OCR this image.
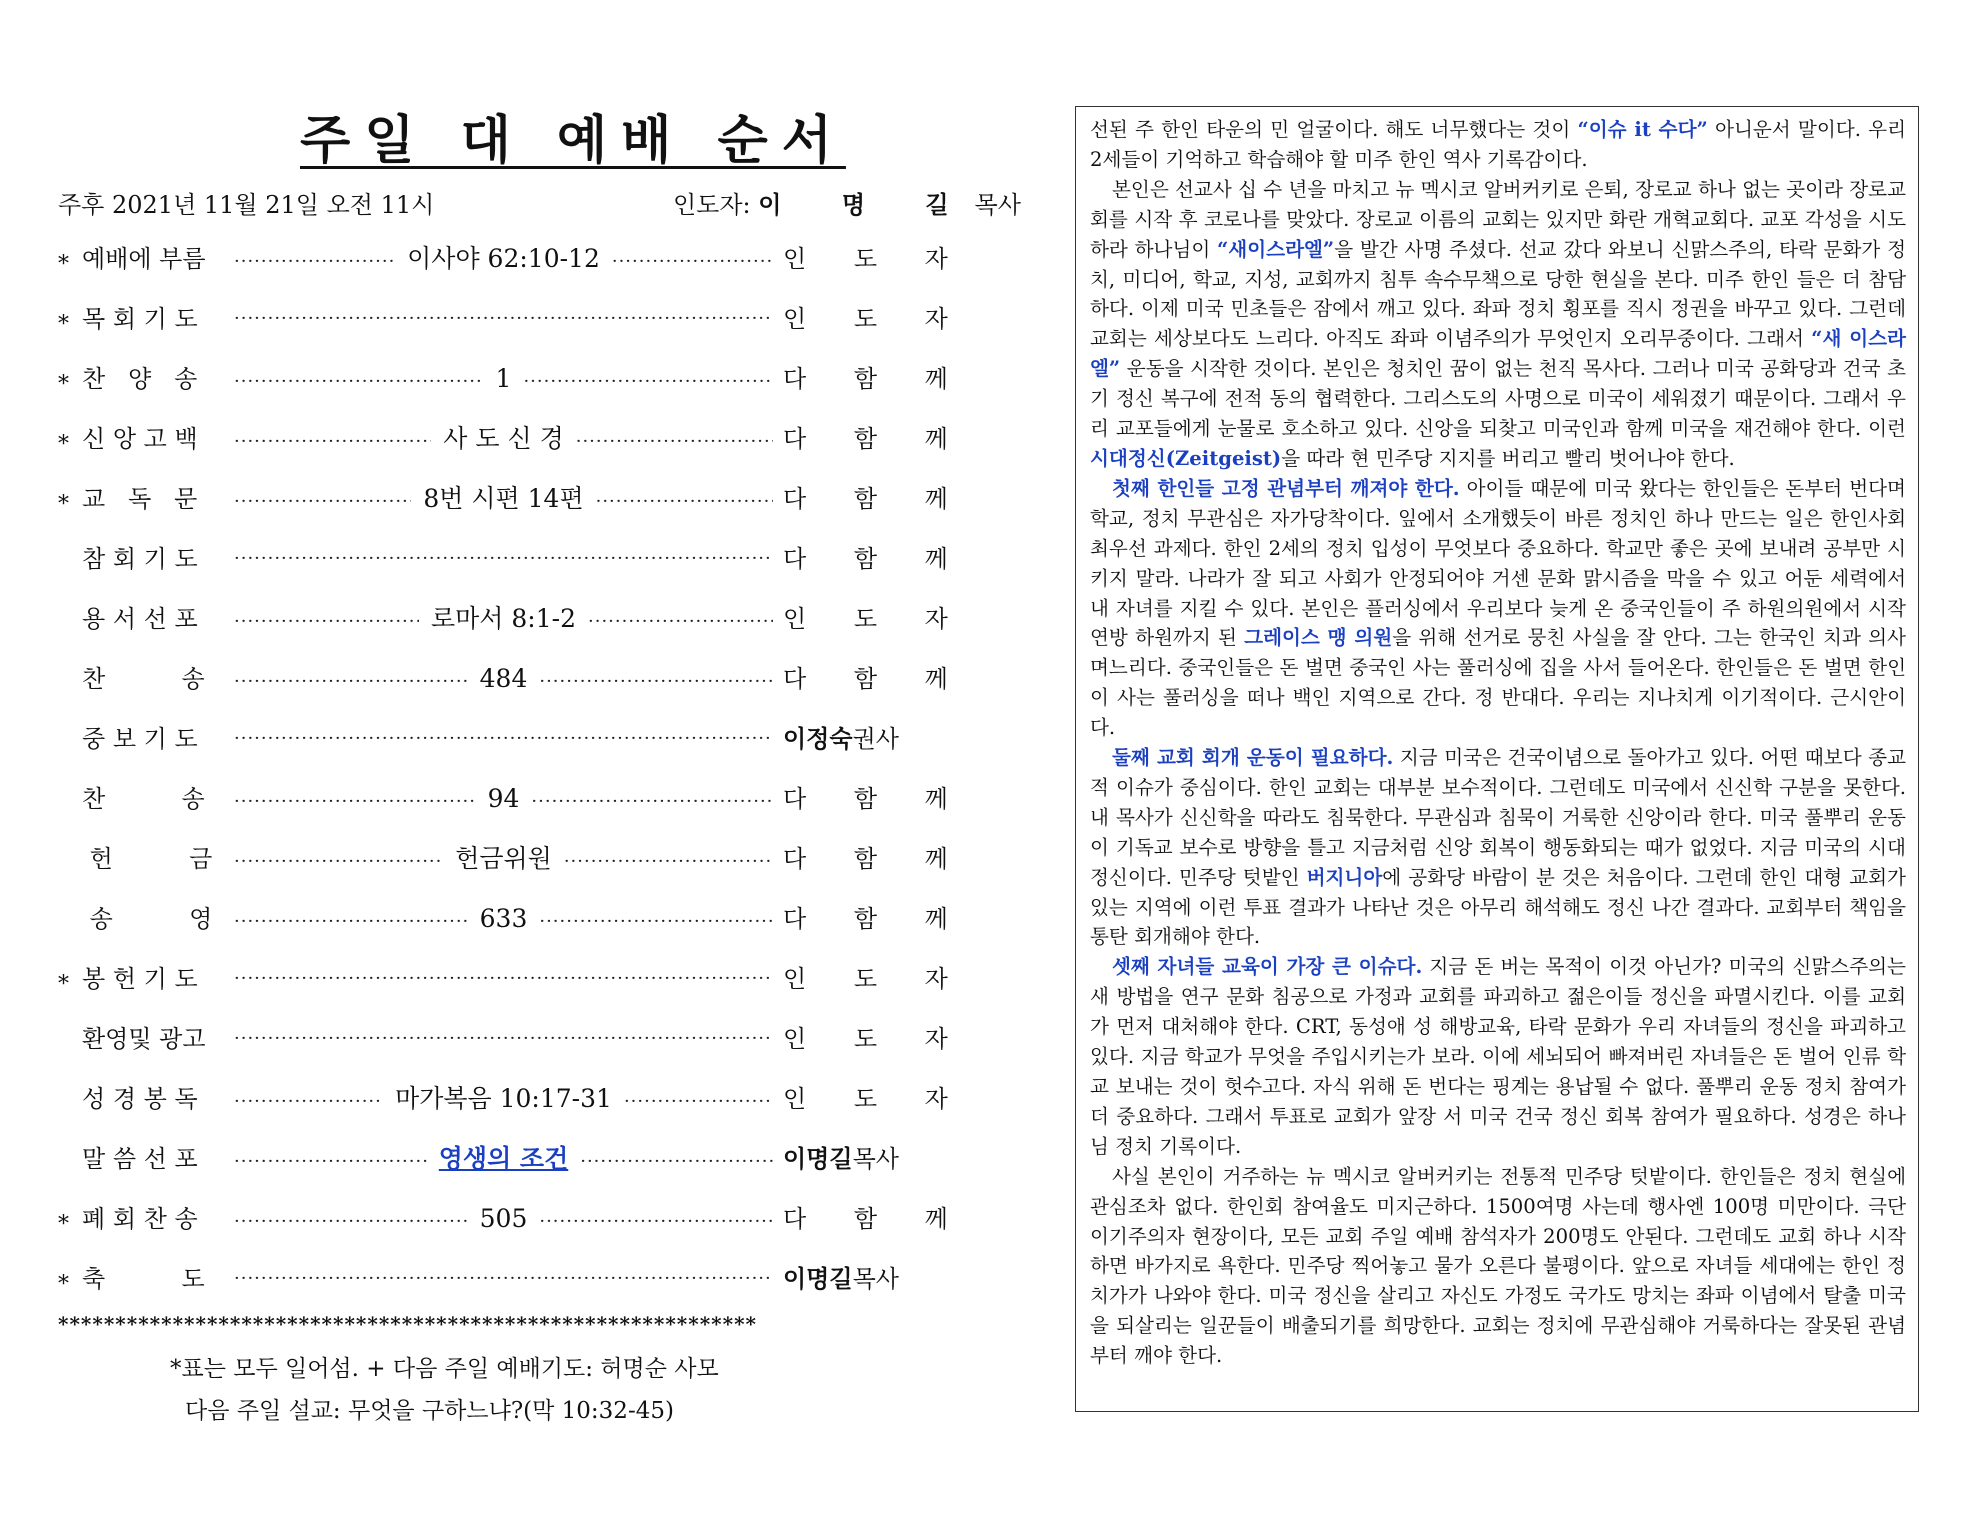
주일 대 예배 순서
주후 2021년 11월 21일 오전 11시	인도자: 이 명 길목사
* 예배에 부름 ·····	이사야 62:10-12 ·····	인 도 자
* 목 회 기 도 ·····	인 도 자
* 찬   양   송 ·····	1 ·····	다 함 께
* 신 앙 고 백 ·····	사 도 신 경 ·····	다 함 께
* 교   독   문 ·····	8번 시편 14편 ·····	다 함 께
참 회 기 도 ·····	다 함 께
용 서 선 포 ·····	로마서 8:1-2 ·····	인 도 자
찬          송 ·····	484 ·····	다 함 께
중 보 기 도 ·····	이정숙권사
찬          송 ·····	94 ·····	다 함 께
헌          금 ·····	헌금위원 ·····	다 함 께
송          영 ·····	633 ·····	다 함 께
* 봉 헌 기 도 ·····	인 도 자
환영및 광고 ·····	인 도 자
성 경 봉 독 ·····	마가복음 10:17-31 ·····	인 도 자
말 씀 선 포 ·····	영생의 조건 ·····	이명길목사
* 폐 회 찬 송 ·····	505 ·····	다 함 께
* 축          도 ·····	이명길목사
*************************************************************
*표는 모두 일어섬. + 다음 주일 예배기도: 허명순 사모
다음 주일 설교: 무엇을 구하느냐?(막 10:32-45)

선된 주 한인 타운의 민 얼굴이다. 해도 너무했다는 것이 “이슈 it 수다” 아니운서 말이다. 우리 2세들이 기억하고 학습해야 할 미주 한인 역사 기록감이다.

본인은 선교사 십 수 년을 마치고 뉴 멕시코 알버커키로 은퇴, 장로교 하나 없는 곳이라 장로교회를 시작 후 코로나를 맞았다. 장로교 이름의 교회는 있지만 화란 개혁교회다. 교포 각성을 시도하라 하나님이 “새이스라엘”을 발간 사명 주셨다. 선교 갔다 와보니 신맑스주의, 타락 문화가 정치, 미디어, 학교, 지성, 교회까지 침투 속수무책으로 당한 현실을 본다. 미주 한인 들은 더 참담하다. 이제 미국 민초들은 잠에서 깨고 있다. 좌파 정치 횡포를 직시 정권을 바꾸고 있다. 그런데 교회는 세상보다도 느리다. 아직도 좌파 이념주의가 무엇인지 오리무중이다. 그래서 “새 이스라엘” 운동을 시작한 것이다. 본인은 청치인 꿈이 없는 천직 목사다. 그러나 미국 공화당과 건국 초기 정신 복구에 전적 동의 협력한다. 그리스도의 사명으로 미국이 세워졌기 때문이다. 그래서 우리 교포들에게 눈물로 호소하고 있다. 신앙을 되찾고 미국인과 함께 미국을 재건해야 한다. 이런 시대정신(Zeitgeist)을 따라 현 민주당 지지를 버리고 빨리 벗어나야 한다.

첫째 한인들 고정 관념부터 깨져야 한다. 아이들 때문에 미국 왔다는 한인들은 돈부터 번다며 학교, 정치 무관심은 자가당착이다. 잎에서 소개했듯이 바른 정치인 하나 만드는 일은 한인사회 최우선 과제다. 한인 2세의 정치 입성이 무엇보다 중요하다. 학교만 좋은 곳에 보내려 공부만 시키지 말라. 나라가 잘 되고 사회가 안정되어야 거센 문화 맑시즘을 막을 수 있고 어둔 세력에서 내 자녀를 지킬 수 있다. 본인은 플러싱에서 우리보다 늦게 온 중국인들이 주 하원의원에서 시작 연방 하원까지 된 그레이스 맹 의원을 위해 선거로 뭉친 사실을 잘 안다. 그는 한국인 치과 의사 며느리다. 중국인들은 돈 벌면 중국인 사는 풀러싱에 집을 사서 들어온다. 한인들은 돈 벌면 한인이 사는 풀러싱을 떠나 백인 지역으로 간다. 정 반대다. 우리는 지나치게 이기적이다. 근시안이다.

둘째 교회 회개 운동이 필요하다. 지금 미국은 건국이념으로 돌아가고 있다. 어떤 때보다 종교적 이슈가 중심이다. 한인 교회는 대부분 보수적이다. 그런데도 미국에서 신신학 구분을 못한다. 내 목사가 신신학을 따라도 침묵한다. 무관심과 침묵이 거룩한 신앙이라 한다. 미국 풀뿌리 운동이 기독교 보수로 방향을 틀고 지금처럼 신앙 회복이 행동화되는 때가 없었다. 지금 미국의 시대정신이다. 민주당 텃밭인 버지니아에 공화당 바람이 분 것은 처음이다. 그런데 한인 대형 교회가 있는 지역에 이런 투표 결과가 나타난 것은 아무리 해석해도 정신 나간 결과다. 교회부터 책임을 통탄 회개해야 한다.

셋째 자녀들 교육이 가장 큰 이슈다. 지금 돈 버는 목적이 이것 아닌가? 미국의 신맑스주의는 새 방법을 연구 문화 침공으로 가정과 교회를 파괴하고 젊은이들 정신을 파멸시킨다. 이를 교회가 먼저 대처해야 한다. CRT, 동성애 성 해방교육, 타락 문화가 우리 자녀들의 정신을 파괴하고 있다. 지금 학교가 무엇을 주입시키는가 보라. 이에 세뇌되어 빠져버린 자녀들은 돈 벌어 인류 학교 보내는 것이 헛수고다. 자식 위해 돈 번다는 핑계는 용납될 수 없다. 풀뿌리 운동 정치 참여가 더 중요하다. 그래서 투표로 교회가 앞장 서 미국 건국 정신 회복 참여가 필요하다. 성경은 하나님 정치 기록이다.

사실 본인이 거주하는 뉴 멕시코 알버커키는 전통적 민주당 텃밭이다. 한인들은 정치 현실에 관심조차 없다. 한인회 참여율도 미지근하다. 1500여명 사는데 행사엔 100명 미만이다. 극단 이기주의자 현장이다, 모든 교회 주일 예배 참석자가 200명도 안된다. 그런데도 교회 하나 시작하면 바가지로 욕한다. 민주당 찍어놓고 물가 오른다 불평이다. 앞으로 자녀들 세대에는 한인 정치가가 나와야 한다. 미국 정신을 살리고 자신도 가정도 국가도 망치는 좌파 이념에서 탈출 미국을 되살리는 일꾼들이 배출되기를 희망한다. 교회는 정치에 무관심해야 거룩하다는 잘못된 관념부터 깨야 한다.
